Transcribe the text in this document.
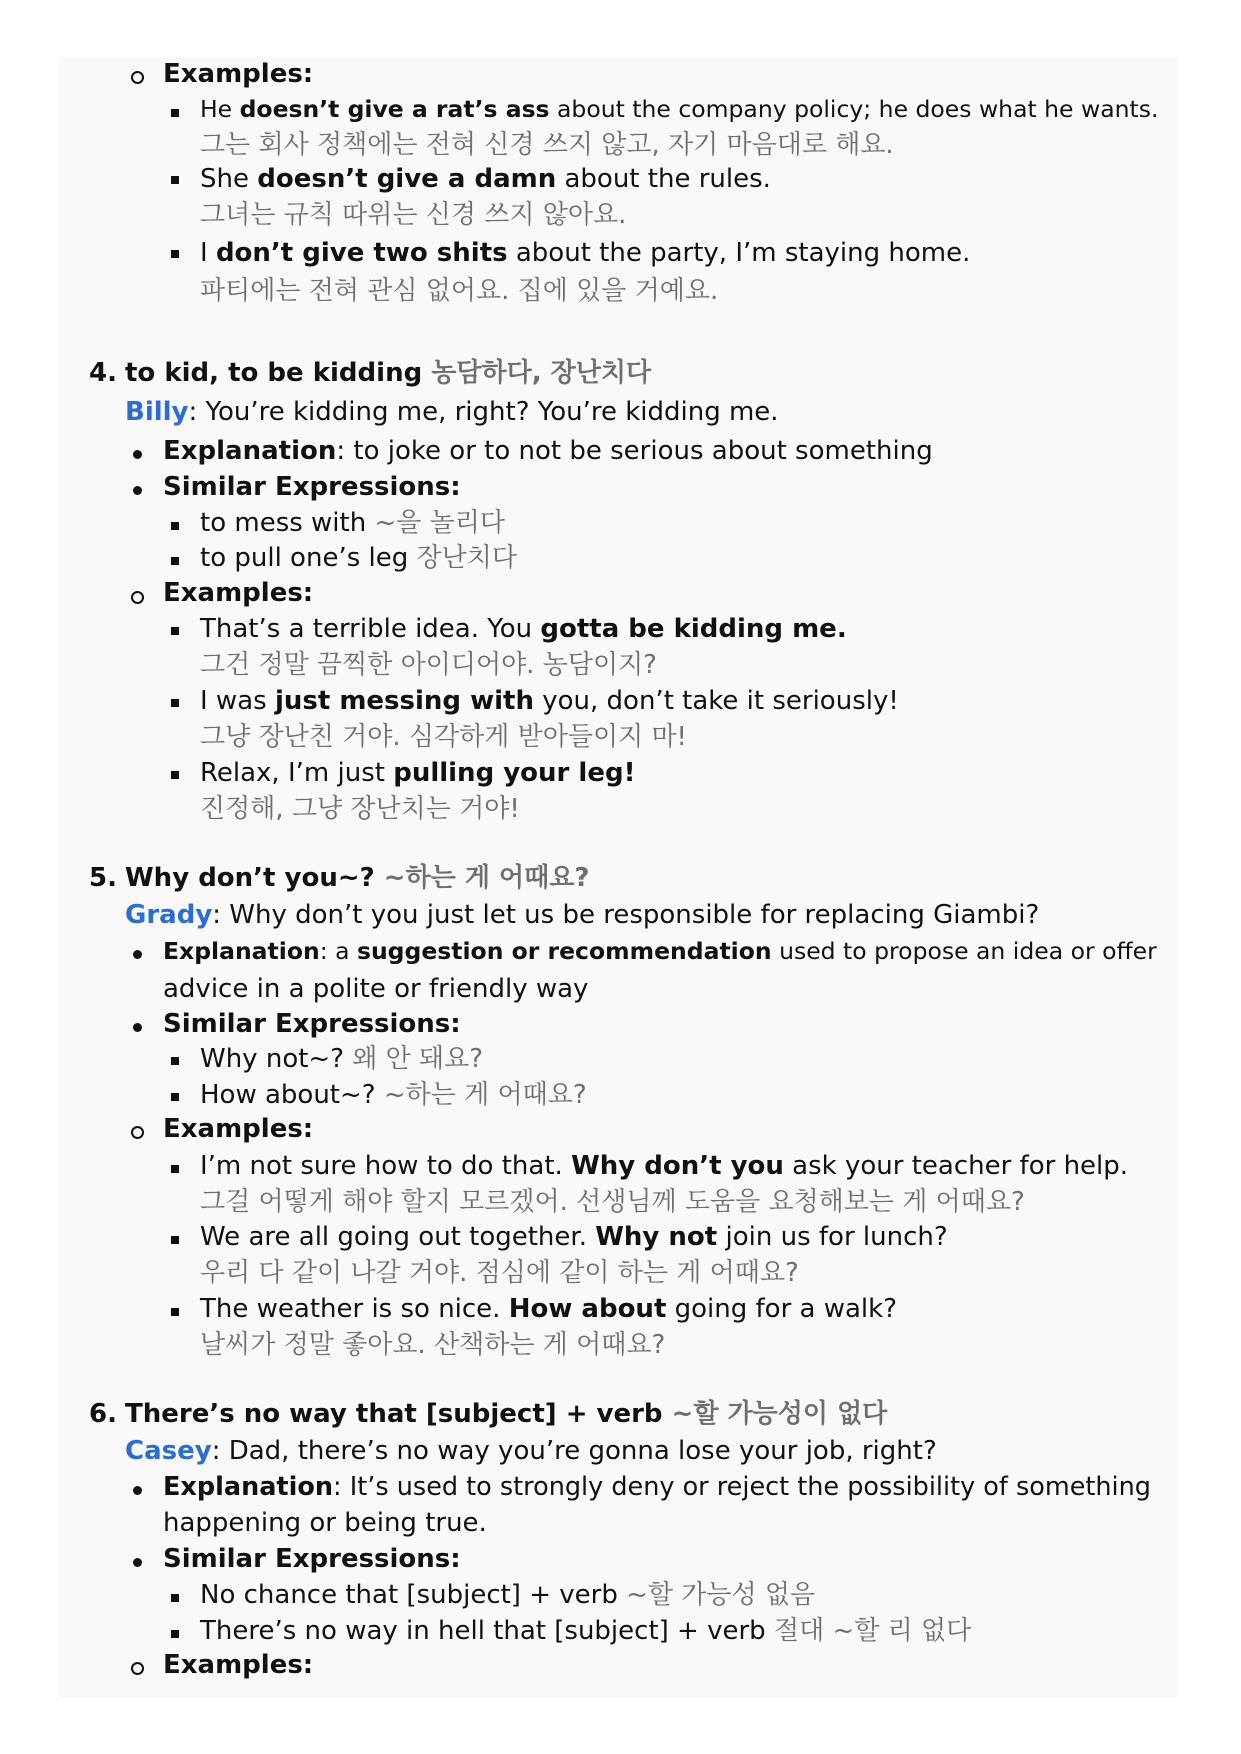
Examples:
He doesn’t give a rat’s ass about the company policy; he does what he wants.
그는 회사 정책에는 전혀 신경 쓰지 않고, 자기 마음대로 해요.
She doesn’t give a damn about the rules.
그녀는 규칙 따위는 신경 쓰지 않아요.
I don’t give two shits about the party, I’m staying home.
파티에는 전혀 관심 없어요. 집에 있을 거예요.
4. to kid, to be kidding 농담하다, 장난치다
Billy: You’re kidding me, right? You’re kidding me.
Explanation: to joke or to not be serious about something
Similar Expressions:
to mess with ~을 놀리다
to pull one’s leg 장난치다
Examples:
That’s a terrible idea. You gotta be kidding me.
그건 정말 끔찍한 아이디어야. 농담이지?
I was just messing with you, don’t take it seriously!
그냥 장난친 거야. 심각하게 받아들이지 마!
Relax, I’m just pulling your leg!
진정해, 그냥 장난치는 거야!
5. Why don’t you~? ~하는 게 어때요?
Grady: Why don’t you just let us be responsible for replacing Giambi?
Explanation: a suggestion or recommendation used to propose an idea or offer
advice in a polite or friendly way
Similar Expressions:
Why not~? 왜 안 돼요?
How about~? ~하는 게 어때요?
Examples:
I’m not sure how to do that. Why don’t you ask your teacher for help.
그걸 어떻게 해야 할지 모르겠어. 선생님께 도움을 요청해보는 게 어때요?
We are all going out together. Why not join us for lunch?
우리 다 같이 나갈 거야. 점심에 같이 하는 게 어때요?
The weather is so nice. How about going for a walk?
날씨가 정말 좋아요. 산책하는 게 어때요?
6. There’s no way that [subject] + verb ~할 가능성이 없다
Casey: Dad, there’s no way you’re gonna lose your job, right?
Explanation: It’s used to strongly deny or reject the possibility of something
happening or being true.
Similar Expressions:
No chance that [subject] + verb ~할 가능성 없음
There’s no way in hell that [subject] + verb 절대 ~할 리 없다
Examples:
